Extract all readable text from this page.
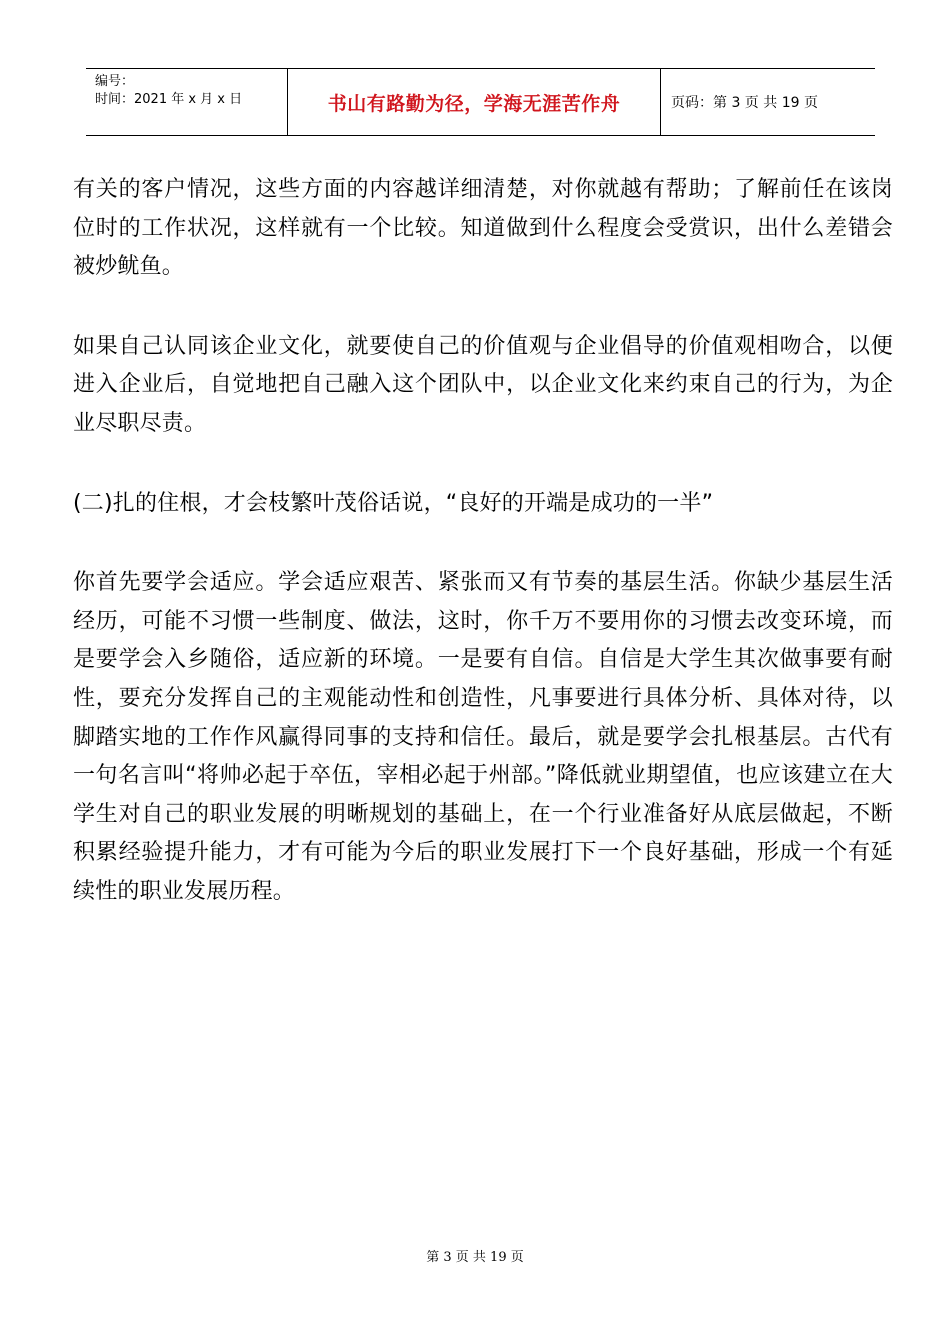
编号：
时间：2021 年 x 月 x 日	书山有路勤为径，学海无涯苦作舟	页码：第 3 页 共 19 页

有关的客户情况，这些方面的内容越详细清楚，对你就越有帮助；了解前任在该岗位时的工作状况，这样就有一个比较。知道做到什么程度会受赏识，出什么差错会被炒鱿鱼。

如果自己认同该企业文化，就要使自己的价值观与企业倡导的价值观相吻合，以便进入企业后，自觉地把自己融入这个团队中，以企业文化来约束自己的行为，为企业尽职尽责。

(二)扎的住根，才会枝繁叶茂俗话说，“良好的开端是成功的一半”

你首先要学会适应。学会适应艰苦、紧张而又有节奏的基层生活。你缺少基层生活经历，可能不习惯一些制度、做法，这时，你千万不要用你的习惯去改变环境，而是要学会入乡随俗，适应新的环境。一是要有自信。自信是大学生其次做事要有耐性，要充分发挥自己的主观能动性和创造性，凡事要进行具体分析、具体对待，以脚踏实地的工作作风赢得同事的支持和信任。最后，就是要学会扎根基层。古代有一句名言叫“将帅必起于卒伍，宰相必起于州部。”降低就业期望值，也应该建立在大学生对自己的职业发展的明晰规划的基础上，在一个行业准备好从底层做起，不断积累经验提升能力，才有可能为今后的职业发展打下一个良好基础，形成一个有延续性的职业发展历程。

第 3 页 共 19 页
